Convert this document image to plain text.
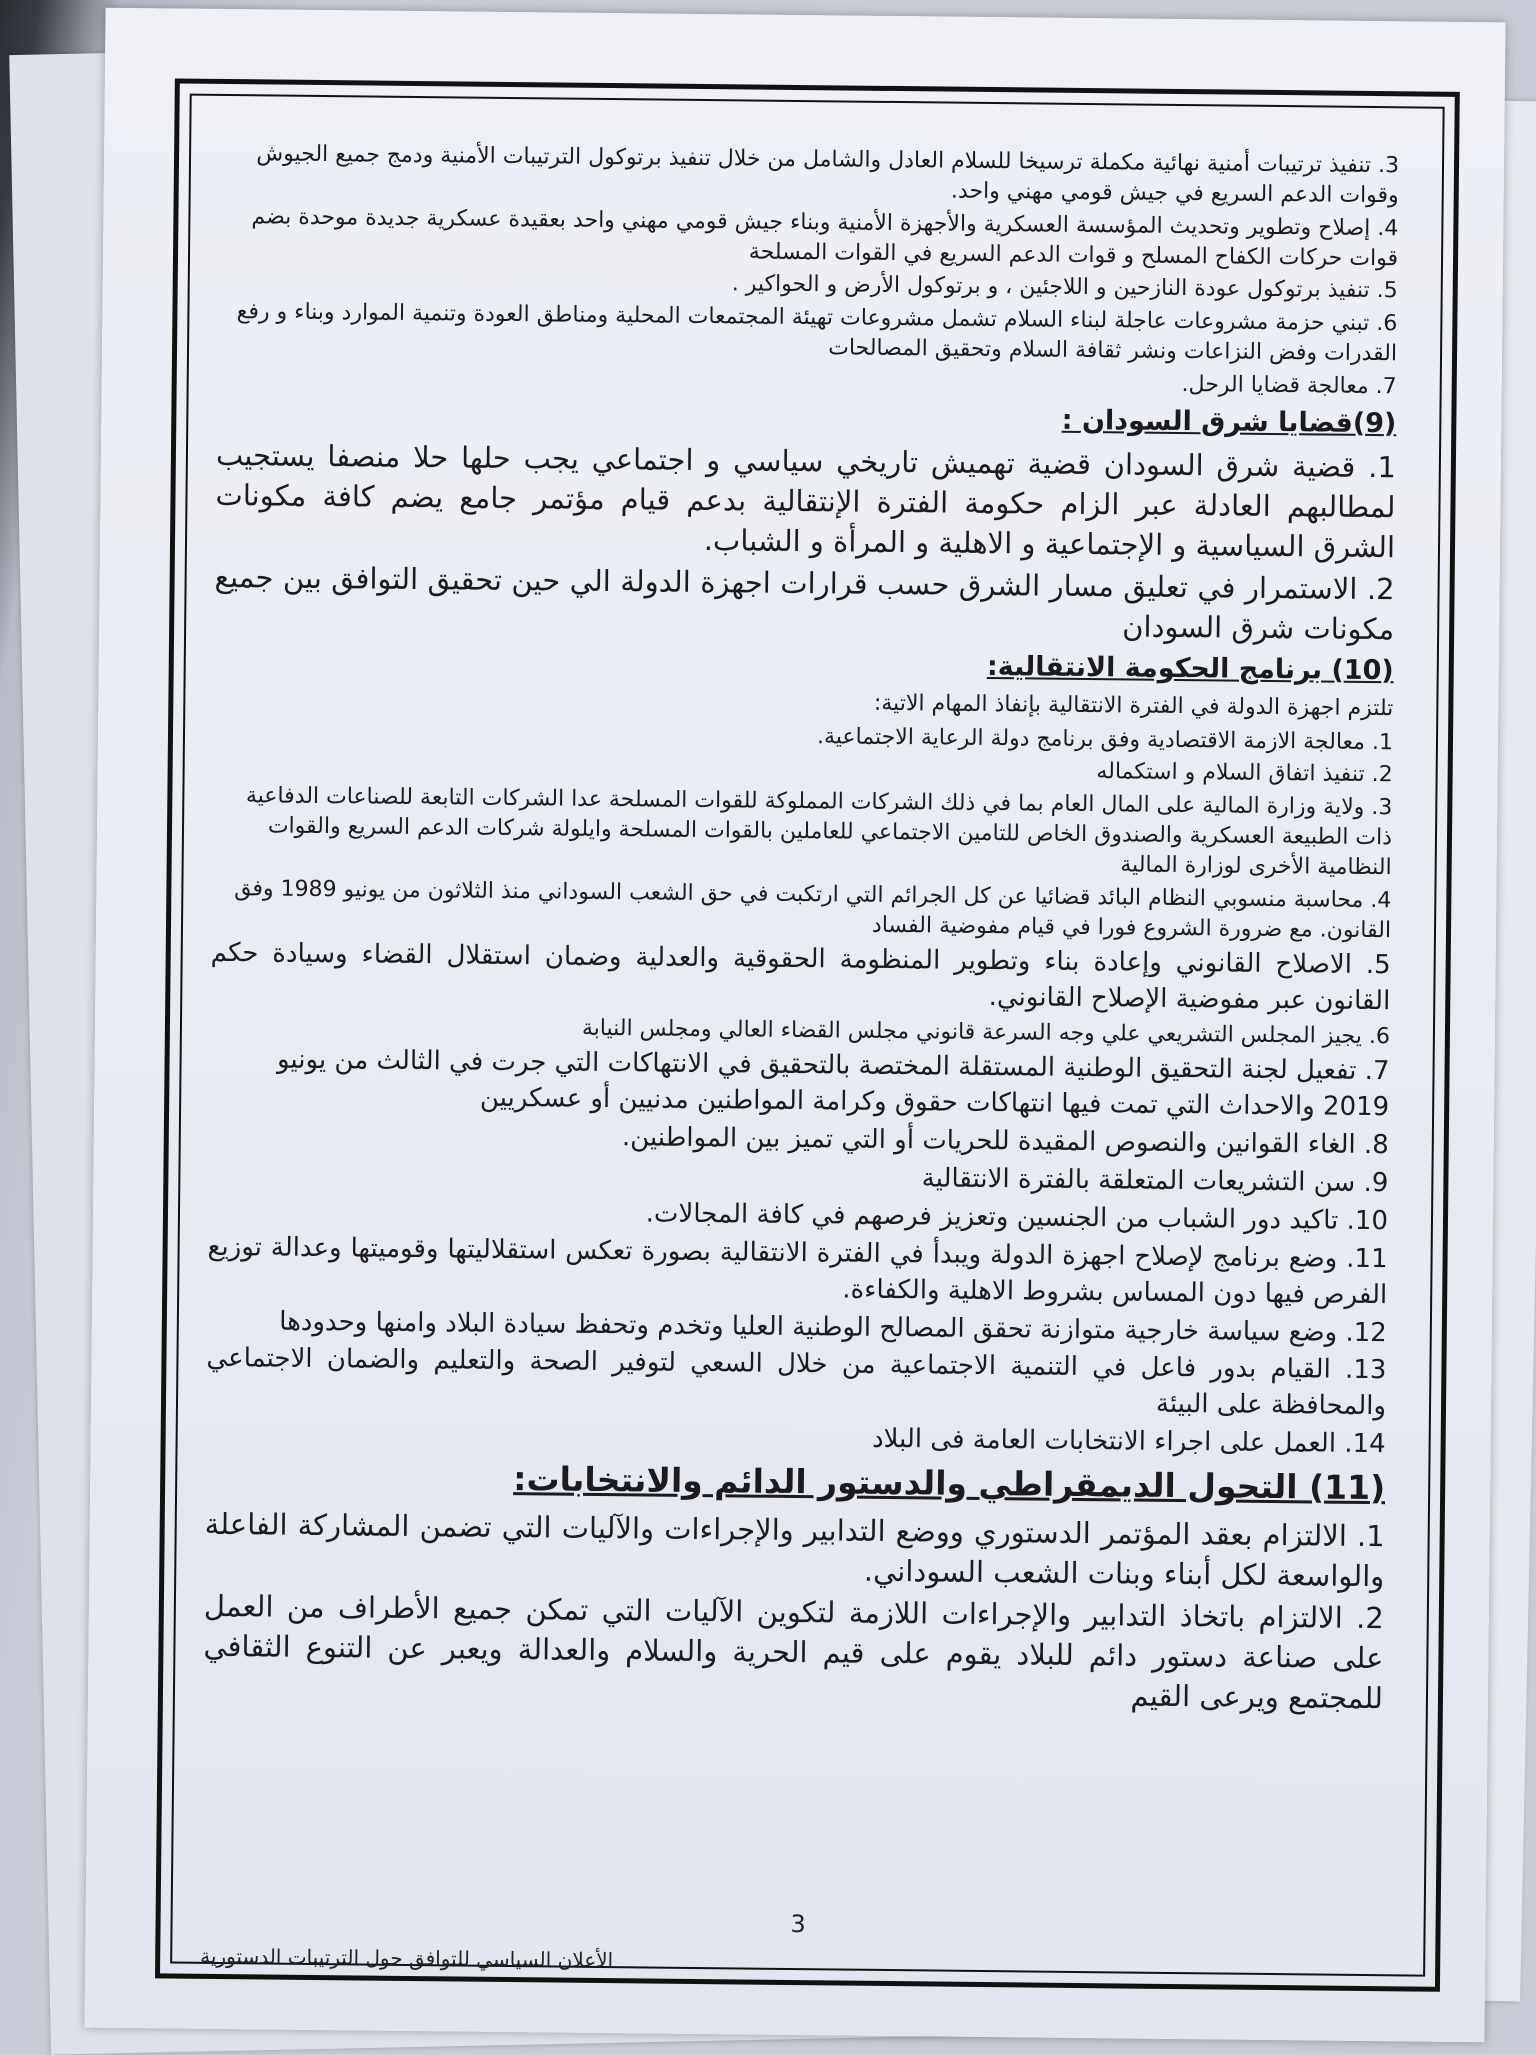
3. تنفيذ ترتيبات أمنية نهائية مكملة ترسيخا للسلام العادل والشامل من خلال تنفيذ برتوكول الترتيبات الأمنية ودمج جميع الجيوش وقوات الدعم السريع في جيش قومي مهني واحد.

4. إصلاح وتطوير وتحديث المؤسسة العسكرية والأجهزة الأمنية وبناء جيش قومي مهني واحد بعقيدة عسكرية جديدة موحدة بضم قوات حركات الكفاح المسلح و قوات الدعم السريع في القوات المسلحة

5. تنفيذ برتوكول عودة النازحين و اللاجئين ، و برتوكول الأرض و الحواكير .

6. تبني حزمة مشروعات عاجلة لبناء السلام تشمل مشروعات تهيئة المجتمعات المحلية ومناطق العودة وتنمية الموارد وبناء و رفع القدرات وفض النزاعات ونشر ثقافة السلام وتحقيق المصالحات

7. معالجة قضايا الرحل.

(9)قضايا شرق السودان :

1. قضية شرق السودان قضية تهميش تاريخي سياسي و اجتماعي يجب حلها حلا منصفا يستجيب لمطالبهم العادلة عبر الزام حكومة الفترة الإنتقالية بدعم قيام مؤتمر جامع يضم كافة مكونات الشرق السياسية و الإجتماعية و الاهلية و المرأة و الشباب.

2. الاستمرار في تعليق مسار الشرق حسب قرارات اجهزة الدولة الي حين تحقيق التوافق بين جميع مكونات شرق السودان

(10) برنامج الحكومة الانتقالية:

تلتزم اجهزة الدولة في الفترة الانتقالية بإنفاذ المهام الاتية:

1. معالجة الازمة الاقتصادية وفق برنامج دولة الرعاية الاجتماعية.

2. تنفيذ اتفاق السلام و استكماله

3. ولاية وزارة المالية على المال العام بما في ذلك الشركات المملوكة للقوات المسلحة عدا الشركات التابعة للصناعات الدفاعية ذات الطبيعة العسكرية والصندوق الخاص للتامين الاجتماعي للعاملين بالقوات المسلحة وايلولة شركات الدعم السريع والقوات النظامية الأخرى لوزارة المالية

4. محاسبة منسوبي النظام البائد قضائيا عن كل الجرائم التي ارتكبت في حق الشعب السوداني منذ الثلاثون من يونيو 1989 وفق القانون. مع ضرورة الشروع فورا في قيام مفوضية الفساد

5. الاصلاح القانوني وإعادة بناء وتطوير المنظومة الحقوقية والعدلية وضمان استقلال القضاء وسيادة حكم القانون عبر مفوضية الإصلاح القانوني.

6. يجيز المجلس التشريعي علي وجه السرعة قانوني مجلس القضاء العالي ومجلس النيابة

7. تفعيل لجنة التحقيق الوطنية المستقلة المختصة بالتحقيق في الانتهاكات التي جرت في الثالث من يونيو 2019 والاحداث التي تمت فيها انتهاكات حقوق وكرامة المواطنين مدنيين أو عسكريين

8. الغاء القوانين والنصوص المقيدة للحريات أو التي تميز بين المواطنين.

9. سن التشريعات المتعلقة بالفترة الانتقالية

10. تاكيد دور الشباب من الجنسين وتعزيز فرصهم في كافة المجالات.

11. وضع برنامج لإصلاح اجهزة الدولة ويبدأ في الفترة الانتقالية بصورة تعكس استقلاليتها وقوميتها وعدالة توزيع الفرص فيها دون المساس بشروط الاهلية والكفاءة.

12. وضع سياسة خارجية متوازنة تحقق المصالح الوطنية العليا وتخدم وتحفظ سيادة البلاد وامنها وحدودها

13. القيام بدور فاعل في التنمية الاجتماعية من خلال السعي لتوفير الصحة والتعليم والضمان الاجتماعي والمحافظة على البيئة

14. العمل على اجراء الانتخابات العامة فى البلاد

(11) التحول الديمقراطي والدستور الدائم والانتخابات:

1. الالتزام بعقد المؤتمر الدستوري ووضع التدابير والإجراءات والآليات التي تضمن المشاركة الفاعلة والواسعة لكل أبناء وبنات الشعب السوداني.

2. الالتزام باتخاذ التدابير والإجراءات اللازمة لتكوين الآليات التي تمكن جميع الأطراف من العمل على صناعة دستور دائم للبلاد يقوم على قيم الحرية والسلام والعدالة ويعبر عن التنوع الثقافي للمجتمع ويرعى القيم

3
الأعلان السياسي للتوافق حول الترتيبات الدستورية
